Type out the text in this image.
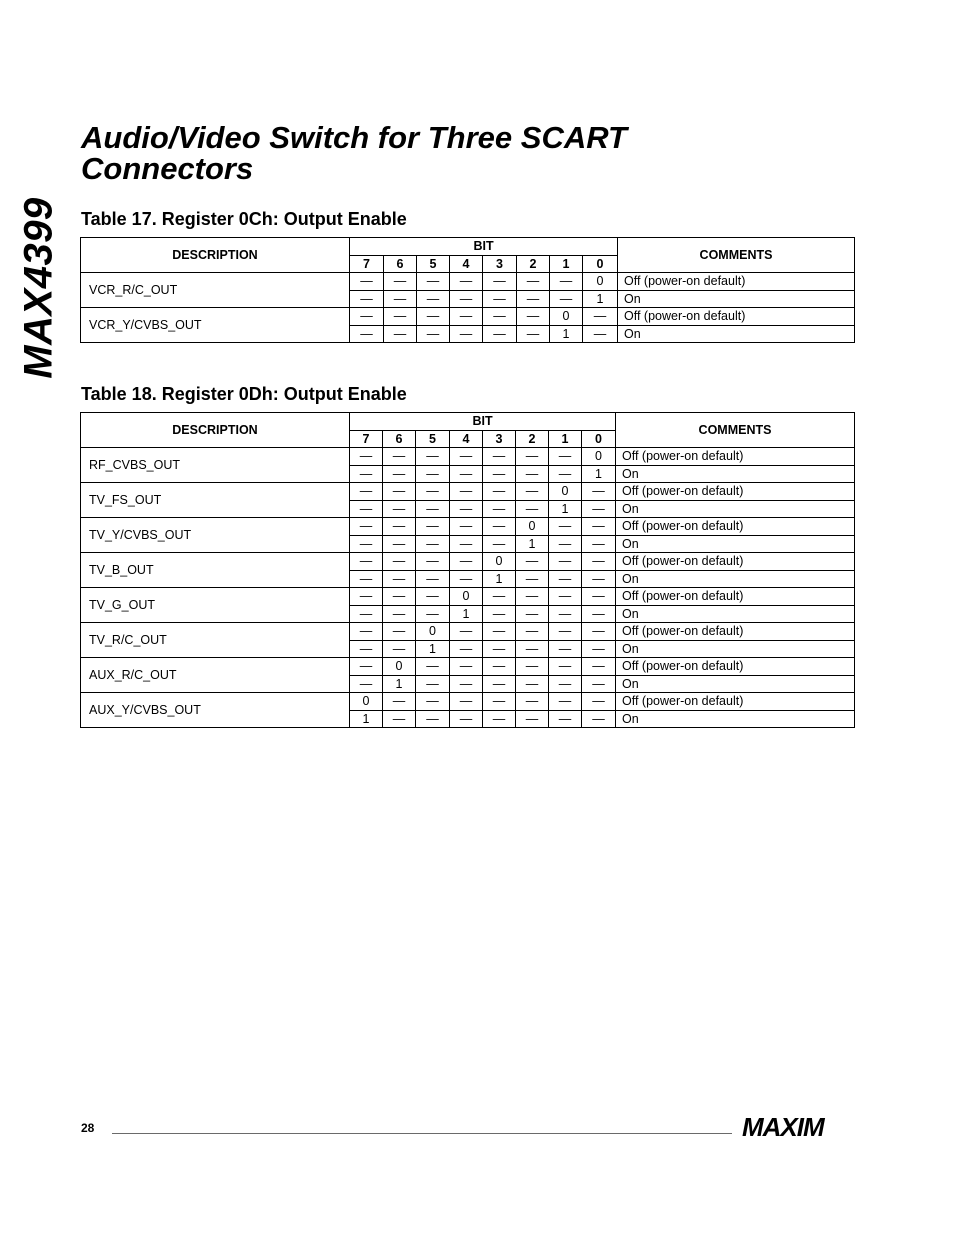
MAX4399
Audio/Video Switch for Three SCART Connectors
Table 17. Register 0Ch: Output Enable
DESCRIPTION	BIT								COMMENTS
	7	6	5	4	3	2	1	0	
VCR_R/C_OUT	—	—	—	—	—	—	—	0	Off (power-on default)
	—	—	—	—	—	—	—	1	On
VCR_Y/CVBS_OUT	—	—	—	—	—	—	0	—	Off (power-on default)
	—	—	—	—	—	—	1	—	On
Table 18. Register 0Dh: Output Enable
DESCRIPTION	BIT								COMMENTS
	7	6	5	4	3	2	1	0	
RF_CVBS_OUT	—	—	—	—	—	—	—	0	Off (power-on default)
	—	—	—	—	—	—	—	1	On
TV_FS_OUT	—	—	—	—	—	—	0	—	Off (power-on default)
	—	—	—	—	—	—	1	—	On
TV_Y/CVBS_OUT	—	—	—	—	—	0	—	—	Off (power-on default)
	—	—	—	—	—	1	—	—	On
TV_B_OUT	—	—	—	—	0	—	—	—	Off (power-on default)
	—	—	—	—	1	—	—	—	On
TV_G_OUT	—	—	—	0	—	—	—	—	Off (power-on default)
	—	—	—	1	—	—	—	—	On
TV_R/C_OUT	—	—	0	—	—	—	—	—	Off (power-on default)
	—	—	1	—	—	—	—	—	On
AUX_R/C_OUT	—	0	—	—	—	—	—	—	Off (power-on default)
	—	1	—	—	—	—	—	—	On
AUX_Y/CVBS_OUT	0	—	—	—	—	—	—	—	Off (power-on default)
	1	—	—	—	—	—	—	—	On
28	MAXIM
